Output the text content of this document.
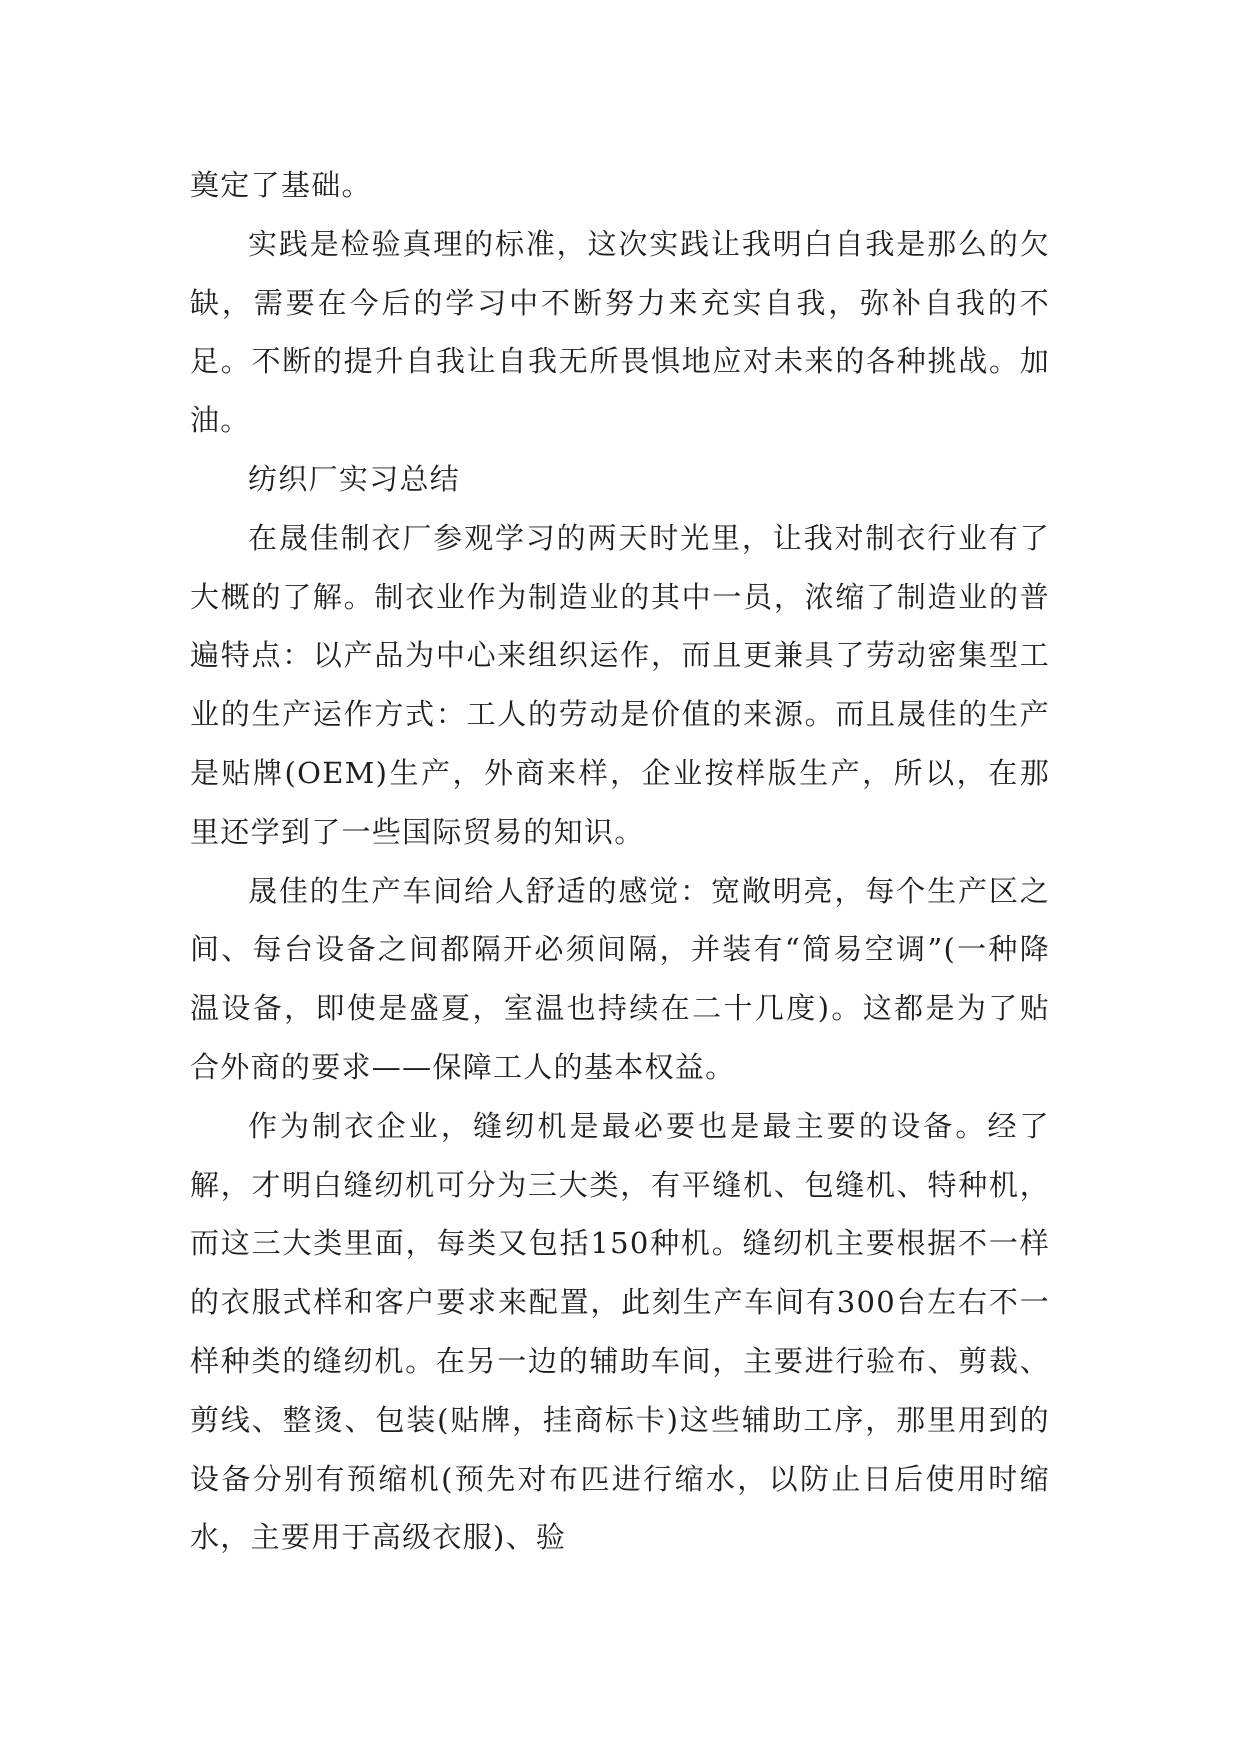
奠定了基础。

实践是检验真理的标准，这次实践让我明白自我是那么的欠缺，需要在今后的学习中不断努力来充实自我，弥补自我的不足。不断的提升自我让自我无所畏惧地应对未来的各种挑战。加油。

纺织厂实习总结

在晟佳制衣厂参观学习的两天时光里，让我对制衣行业有了大概的了解。制衣业作为制造业的其中一员，浓缩了制造业的普遍特点：以产品为中心来组织运作，而且更兼具了劳动密集型工业的生产运作方式：工人的劳动是价值的来源。而且晟佳的生产是贴牌(OEM)生产，外商来样，企业按样版生产，所以，在那里还学到了一些国际贸易的知识。

晟佳的生产车间给人舒适的感觉：宽敞明亮，每个生产区之间、每台设备之间都隔开必须间隔，并装有“简易空调”(一种降温设备，即使是盛夏，室温也持续在二十几度)。这都是为了贴合外商的要求——保障工人的基本权益。

作为制衣企业，缝纫机是最必要也是最主要的设备。经了解，才明白缝纫机可分为三大类，有平缝机、包缝机、特种机，而这三大类里面，每类又包括150种机。缝纫机主要根据不一样的衣服式样和客户要求来配置，此刻生产车间有300台左右不一样种类的缝纫机。在另一边的辅助车间，主要进行验布、剪裁、剪线、整烫、包装(贴牌，挂商标卡)这些辅助工序，那里用到的设备分别有预缩机(预先对布匹进行缩水，以防止日后使用时缩水，主要用于高级衣服)、验
